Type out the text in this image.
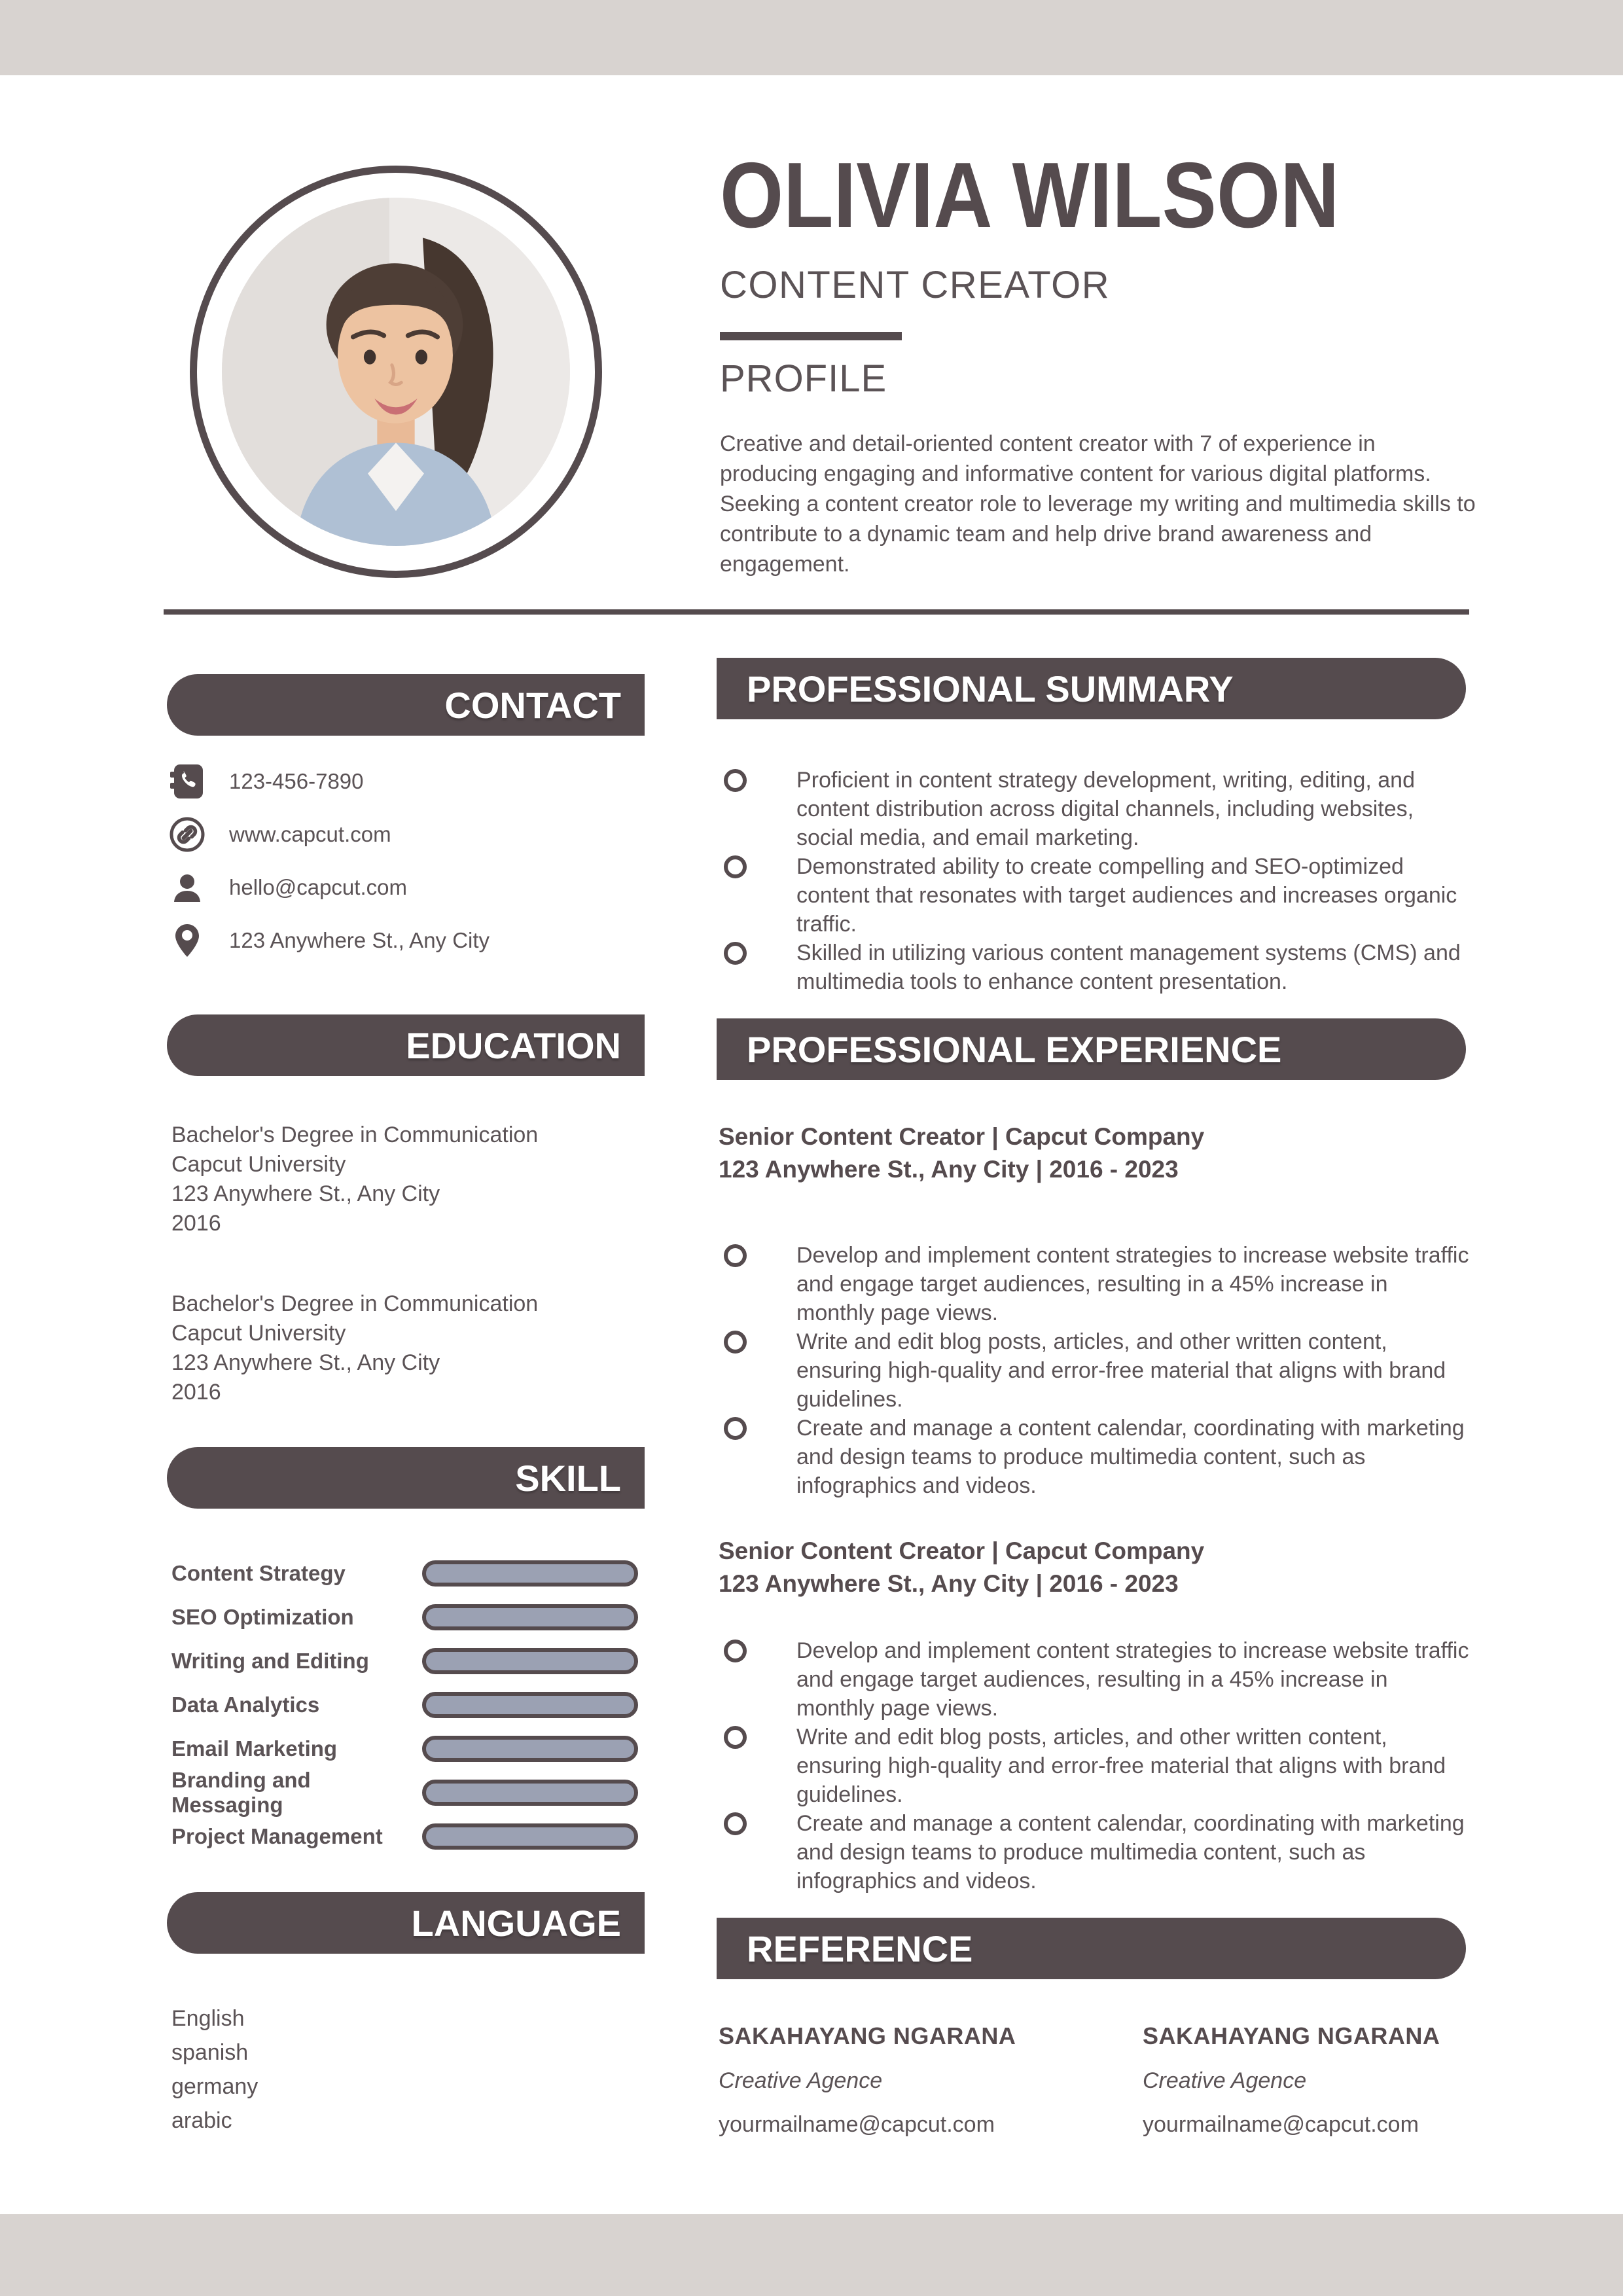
OLIVIA WILSON
CONTENT CREATOR
PROFILE
Creative and detail-oriented content creator with 7 of experience in producing engaging and informative content for various digital platforms. Seeking a content creator role to leverage my writing and multimedia skills to contribute to a dynamic team and help drive brand awareness and engagement.
CONTACT
EDUCATION
SKILL
LANGUAGE
123-456-7890
www.capcut.com
hello@capcut.com
123 Anywhere St., Any City
Bachelor's Degree in Communication
Capcut University
123 Anywhere St., Any City
2016
Bachelor's Degree in Communication
Capcut University
123 Anywhere St., Any City
2016
Content Strategy
SEO Optimization
Writing and Editing
Data Analytics
Email Marketing
Branding and Messaging
Project Management
English
spanish
germany
arabic
PROFESSIONAL SUMMARY
PROFESSIONAL EXPERIENCE
REFERENCE
Proficient in content strategy development, writing, editing, and content distribution across digital channels, including websites, social media, and email marketing.
Demonstrated ability to create compelling and SEO-optimized content that resonates with target audiences and increases organic traffic.
Skilled in utilizing various content management systems (CMS) and multimedia tools to enhance content presentation.
Senior Content Creator | Capcut Company
123 Anywhere St., Any City | 2016 - 2023
Develop and implement content strategies to increase website traffic and engage target audiences, resulting in a 45% increase in monthly page views.
Write and edit blog posts, articles, and other written content, ensuring high-quality and error-free material that aligns with brand guidelines.
Create and manage a content calendar, coordinating with marketing and design teams to produce multimedia content, such as infographics and videos.
Senior Content Creator | Capcut Company
123 Anywhere St., Any City | 2016 - 2023
Develop and implement content strategies to increase website traffic and engage target audiences, resulting in a 45% increase in monthly page views.
Write and edit blog posts, articles, and other written content, ensuring high-quality and error-free material that aligns with brand guidelines.
Create and manage a content calendar, coordinating with marketing and design teams to produce multimedia content, such as infographics and videos.
SAKAHAYANG NGARANA
Creative Agence
yourmailname@capcut.com
SAKAHAYANG NGARANA
Creative Agence
yourmailname@capcut.com
